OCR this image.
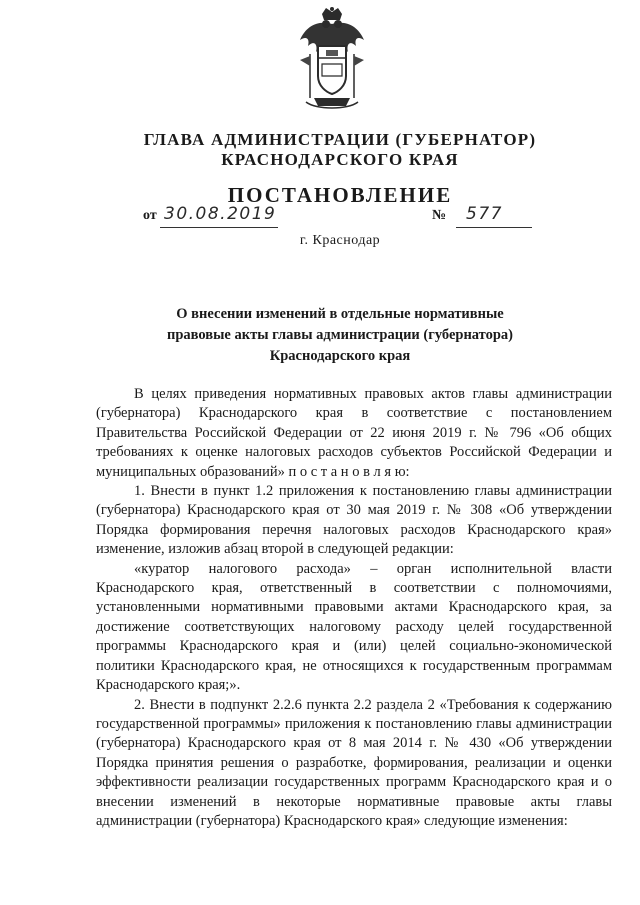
ГЛАВА АДМИНИСТРАЦИИ (ГУБЕРНАТОР)
КРАСНОДАРСКОГО КРАЯ
ПОСТАНОВЛЕНИЕ
от 30.08.2019	№ 577
г. Краснодар
О внесении изменений в отдельные нормативные
правовые акты главы администрации (губернатора)
Краснодарского края

В целях приведения нормативных правовых актов главы администрации (губернатора) Краснодарского края в соответствие с постановлением Правительства Российской Федерации от 22 июня 2019 г. № 796 «Об общих требованиях к оценке налоговых расходов субъектов Российской Федерации и муниципальных образований» п о с т а н о в л я ю:

1. Внести в пункт 1.2 приложения к постановлению главы администрации (губернатора) Краснодарского края от 30 мая 2019 г. № 308 «Об утверждении Порядка формирования перечня налоговых расходов Краснодарского края» изменение, изложив абзац второй в следующей редакции:

«куратор налогового расхода» – орган исполнительной власти Краснодарского края, ответственный в соответствии с полномочиями, установленными нормативными правовыми актами Краснодарского края, за достижение соответствующих налоговому расходу целей государственной программы Краснодарского края и (или) целей социально-экономической политики Краснодарского края, не относящихся к государственным программам Краснодарского края;».

2. Внести в подпункт 2.2.6 пункта 2.2 раздела 2 «Требования к содержанию государственной программы» приложения к постановлению главы администрации (губернатора) Краснодарского края от 8 мая 2014 г. № 430 «Об утверждении Порядка принятия решения о разработке, формирования, реализации и оценки эффективности реализации государственных программ Краснодарского края и о внесении изменений в некоторые нормативные правовые акты главы администрации (губернатора) Краснодарского края» следующие изменения:
